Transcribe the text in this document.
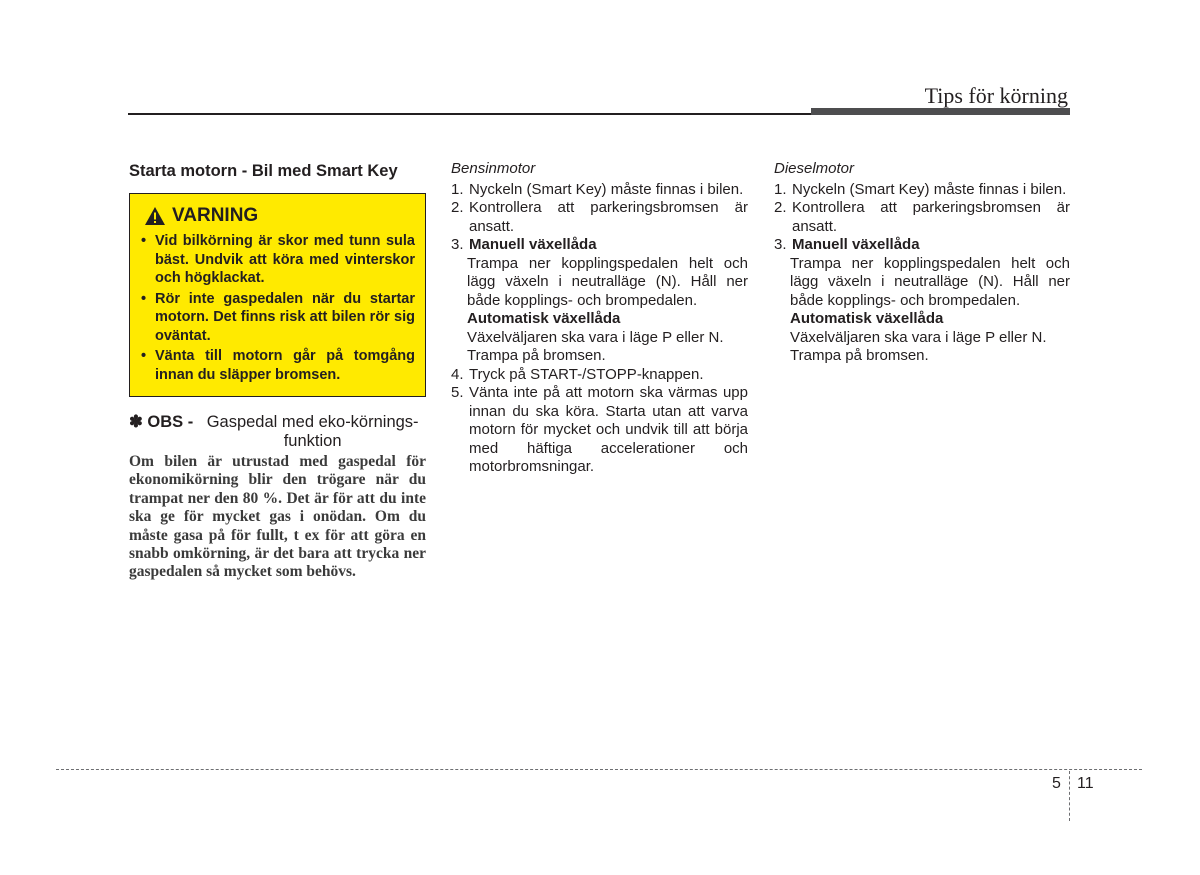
Tips för körning
Starta motorn - Bil med Smart Key
VARNING
• Vid bilkörning är skor med tunn sula bäst. Undvik att köra med vinterskor och högklackat.
• Rör inte gaspedalen när du startar motorn. Det finns risk att bilen rör sig oväntat.
• Vänta till motorn går på tomgång innan du släpper bromsen.
✽ OBS - Gaspedal med eko-körnings-funktion

Om bilen är utrustad med gaspedal för ekonomikörning blir den trögare när du trampat ner den 80 %. Det är för att du inte ska ge för mycket gas i onödan. Om du måste gasa på för fullt, t ex för att göra en snabb omkörning, är det bara att trycka ner gaspedalen så mycket som behövs.

Bensinmotor
1. Nyckeln (Smart Key) måste finnas i bilen.
2. Kontrollera att parkeringsbromsen är ansatt.
3. Manuell växellåda

Trampa ner kopplingspedalen helt och lägg växeln i neutralläge (N). Håll ner både kopplings- och brompedalen.

Automatisk växellåda

Växelväljaren ska vara i läge P eller N. Trampa på bromsen.

4. Tryck på START-/STOPP-knappen.
5. Vänta inte på att motorn ska värmas upp innan du ska köra. Starta utan att varva motorn för mycket och undvik till att börja med häftiga accelerationer och motorbromsningar.
Dieselmotor
1. Nyckeln (Smart Key) måste finnas i bilen.
2. Kontrollera att parkeringsbromsen är ansatt.
3. Manuell växellåda

Trampa ner kopplingspedalen helt och lägg växeln i neutralläge (N). Håll ner både kopplings- och brompedalen.

Automatisk växellåda

Växelväljaren ska vara i läge P eller N. Trampa på bromsen.

5 11
